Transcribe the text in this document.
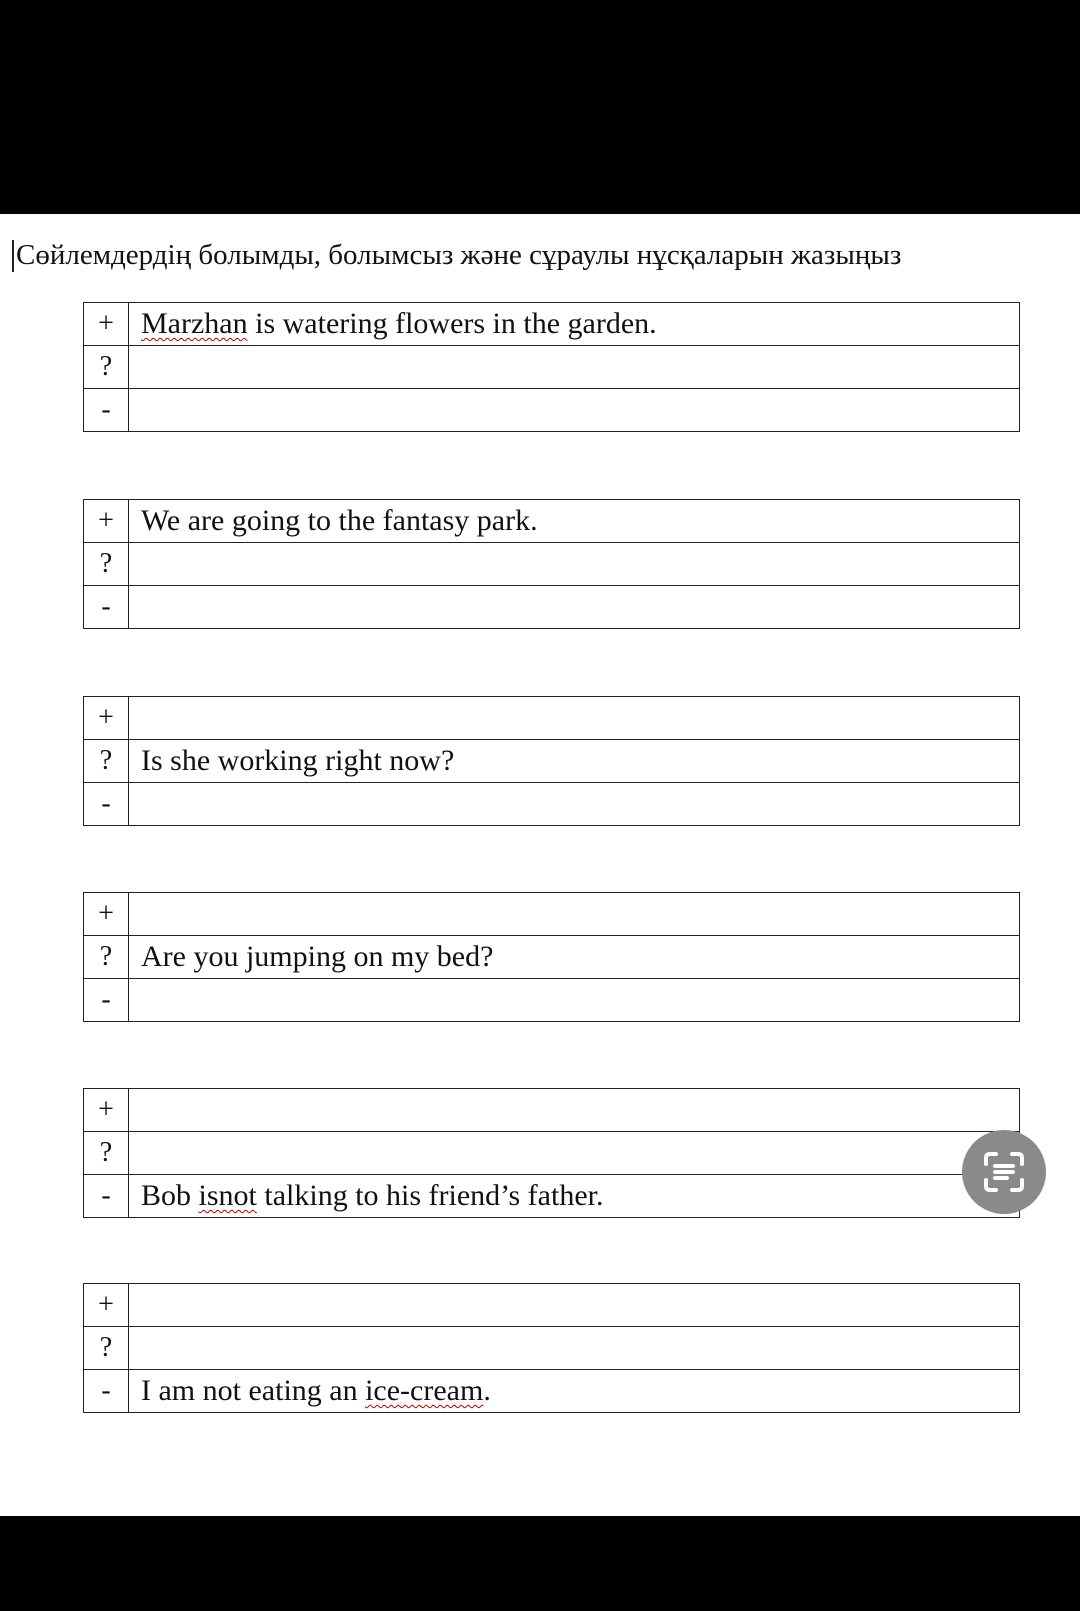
Сөйлемдердің болымды, болымсыз және сұраулы нұсқаларын жазыңыз
+	Marzhan is watering flowers in the garden.
?	
-	
+	We are going to the fantasy park.
?	
-	
+	
?	Is she working right now?
-	
+	
?	Are you jumping on my bed?
-	
+	
?	
-	Bob isnot talking to his friend’s father.
+	
?	
-	I am not eating an ice-cream.
